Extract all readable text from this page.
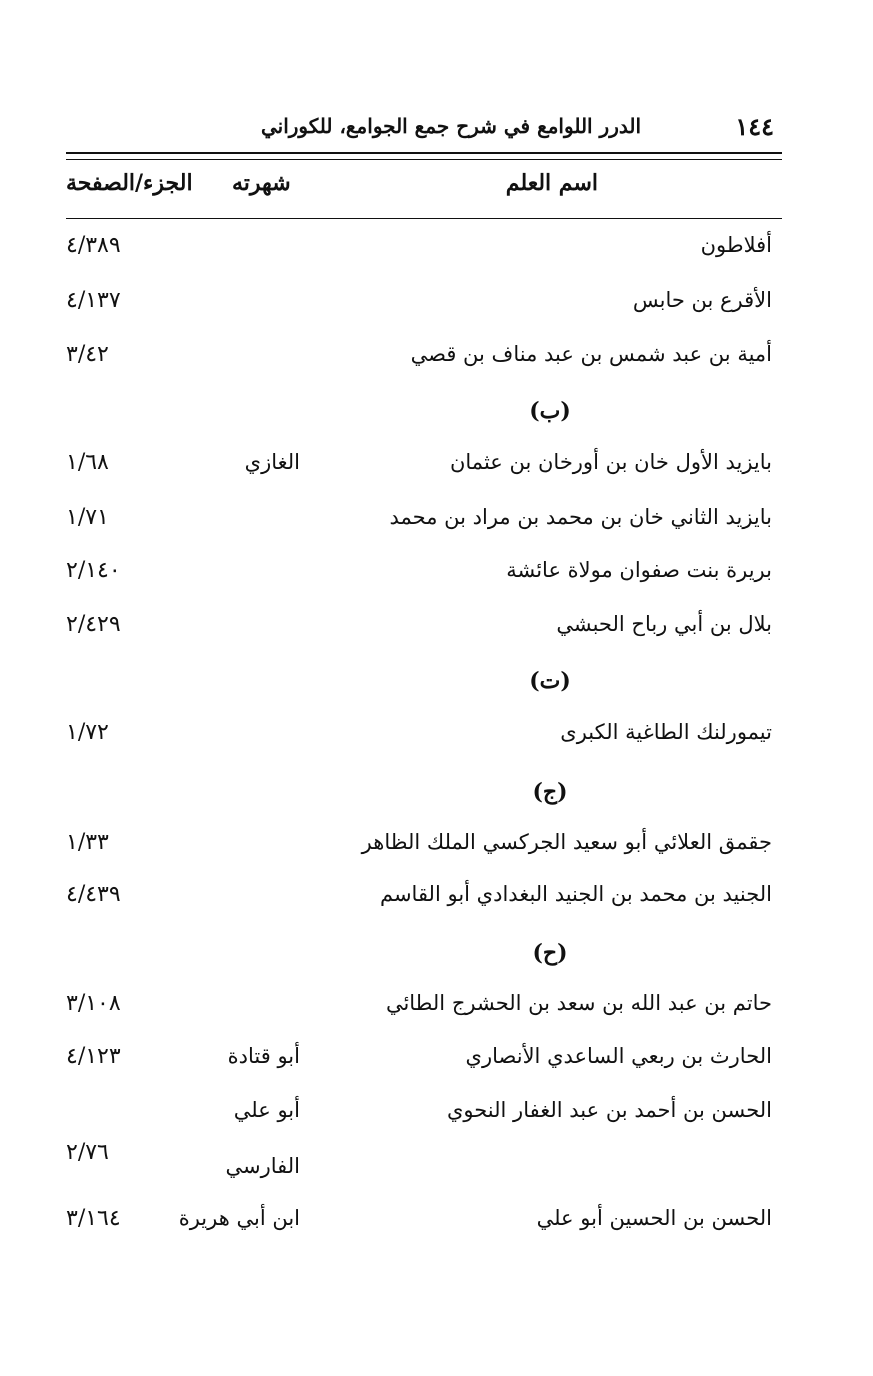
١٤٤
الدرر اللوامع في شرح جمع الجوامع، للكوراني
اسم العلم
شهرته
الجزء/الصفحة
أفلاطون
٤/٣٨٩
الأقرع بن حابس
٤/١٣٧
أمية بن عبد شمس بن عبد مناف بن قصي
٣/٤٢
(ب)
بايزيد الأول خان بن أورخان بن عثمان
الغازي
١/٦٨
بايزيد الثاني خان بن محمد بن مراد بن محمد
١/٧١
بريرة بنت صفوان مولاة عائشة
٢/١٤٠
بلال بن أبي رباح الحبشي
٢/٤٢٩
(ت)
تيمورلنك الطاغية الكبرى
١/٧٢
(ج)
جقمق العلائي أبو سعيد الجركسي الملك الظاهر
١/٣٣
الجنيد بن محمد بن الجنيد البغدادي أبو القاسم
٤/٤٣٩
(ح)
حاتم بن عبد الله بن سعد بن الحشرج الطائي
٣/١٠٨
الحارث بن ربعي الساعدي الأنصاري
أبو قتادة
٤/١٢٣
الحسن بن أحمد بن عبد الغفار النحوي
أبو علي
الفارسي
٢/٧٦
الحسن بن الحسين أبو علي
ابن أبي هريرة
٣/١٦٤
